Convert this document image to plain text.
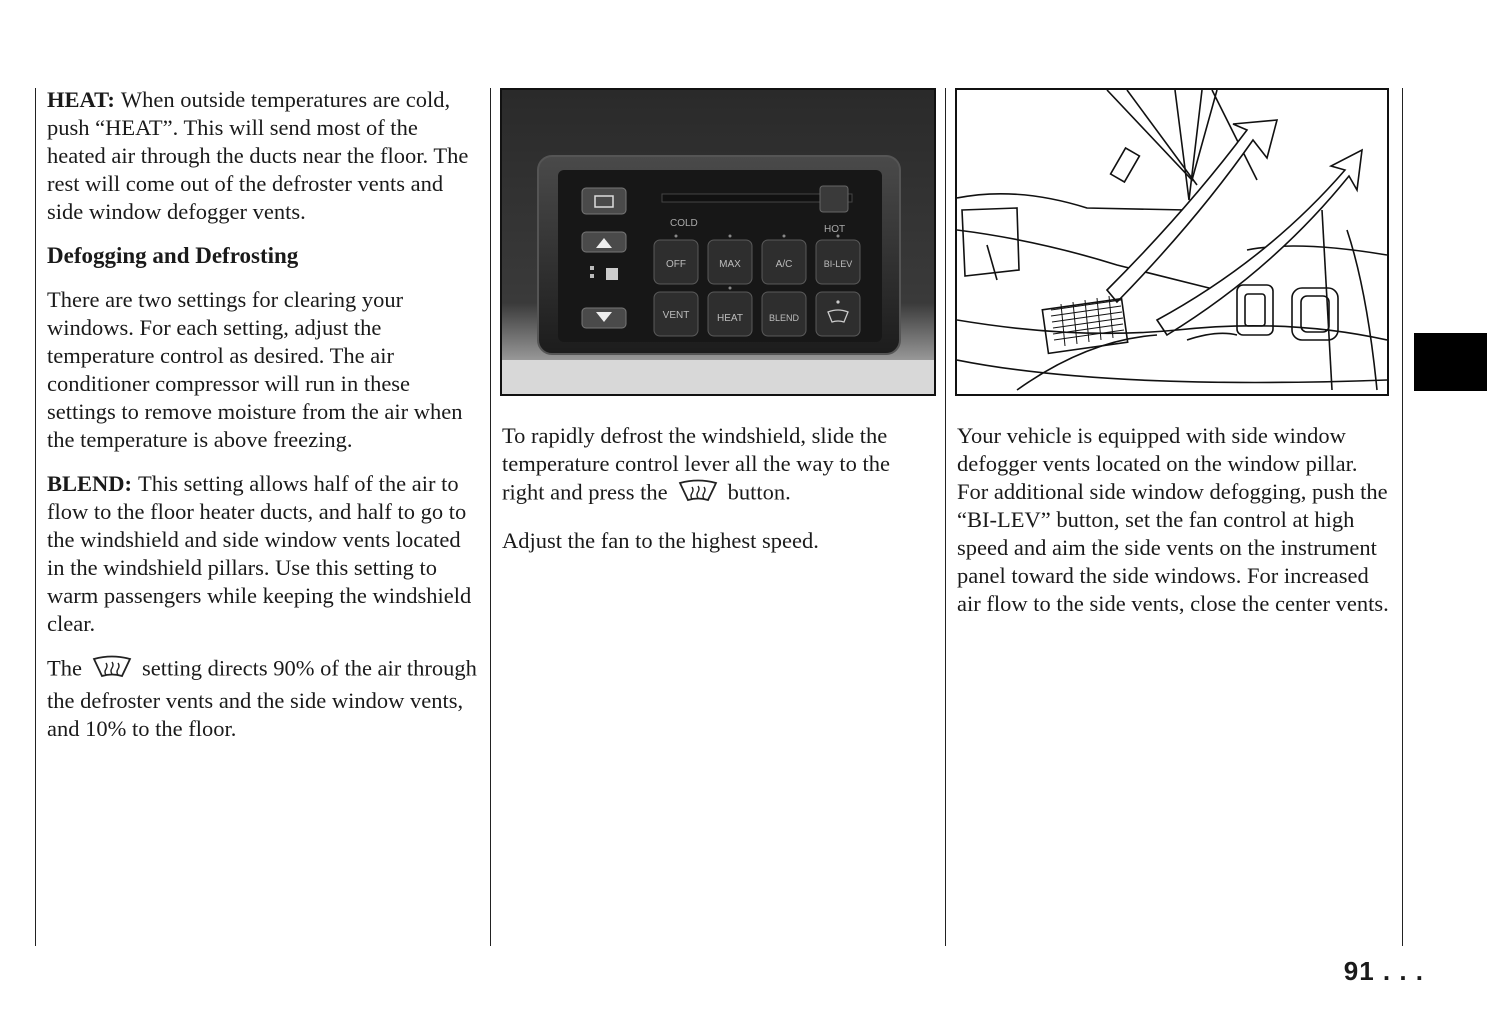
HEAT: When outside temperatures are cold, push “HEAT”. This will send most of the heated air through the ducts near the floor. The rest will come out of the defroster vents and side window defogger vents.

Defogging and Defrosting

There are two settings for clearing your windows. For each setting, adjust the temperature control as desired. The air conditioner compressor will run in these settings to remove moisture from the air when the temperature is above freezing.

BLEND: This setting allows half of the air to flow to the floor heater ducts, and half to go to the windshield and side window vents located in the windshield pillars. Use this setting to warm passengers while keeping the windshield clear.

The	setting directs 90% of the air through the defroster vents and the side window vents, and 10% to the floor.

COLD
HOT
OFF	MAX	A/C	BI-LEV
VENT	HEAT	BLEND

To rapidly defrost the windshield, slide the temperature control lever all the way to the right and press the	button.

Adjust the fan to the highest speed.

Your vehicle is equipped with side window defogger vents located on the window pillar. For additional side window defogging, push the “BI-LEV” button, set the fan control at high speed and aim the side vents on the instrument panel toward the side windows. For increased air flow to the side vents, close the center vents.

91 . . .
